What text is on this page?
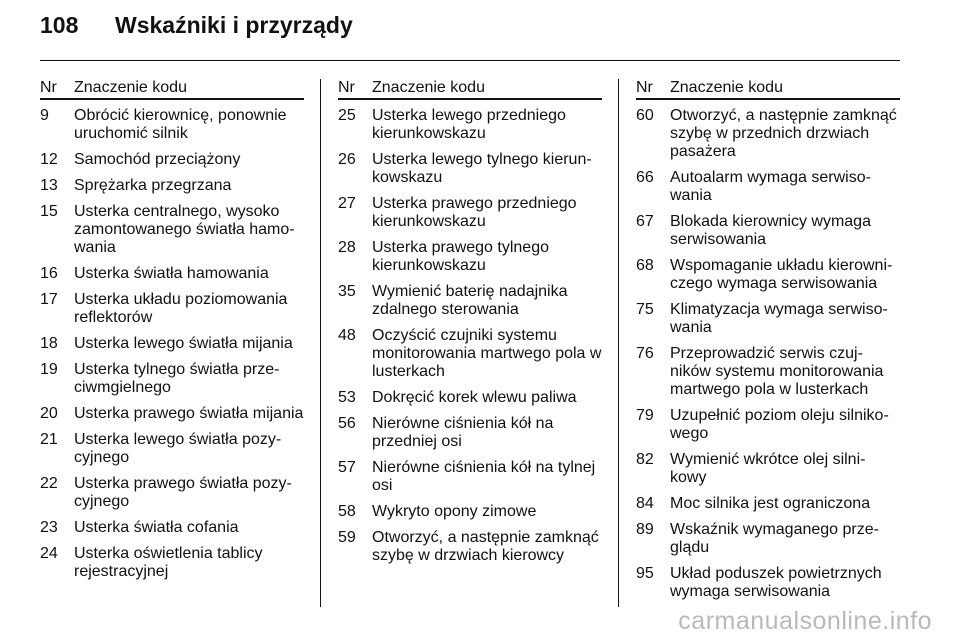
108 Wskaźniki i przyrządy
Nr Znaczenie kodu
9 Obrócić kierownicę, ponownie uruchomić silnik
12 Samochód przeciążony
13 Sprężarka przegrzana
15 Usterka centralnego, wysoko zamontowanego światła hamo-wania
16 Usterka światła hamowania
17 Usterka układu poziomowania reflektorów
18 Usterka lewego światła mijania
19 Usterka tylnego światła prze-ciwmgielnego
20 Usterka prawego światła mijania
21 Usterka lewego światła pozy-cyjnego
22 Usterka prawego światła pozy-cyjnego
23 Usterka światła cofania
24 Usterka oświetlenia tablicy rejestracyjnej
Nr Znaczenie kodu
25 Usterka lewego przedniego kierunkowskazu
26 Usterka lewego tylnego kierun-kowskazu
27 Usterka prawego przedniego kierunkowskazu
28 Usterka prawego tylnego kierunkowskazu
35 Wymienić baterię nadajnika zdalnego sterowania
48 Oczyścić czujniki systemu monitorowania martwego pola w lusterkach
53 Dokręcić korek wlewu paliwa
56 Nierówne ciśnienia kół na przedniej osi
57 Nierówne ciśnienia kół na tylnej osi
58 Wykryto opony zimowe
59 Otworzyć, a następnie zamknąć szybę w drzwiach kierowcy
Nr Znaczenie kodu
60 Otworzyć, a następnie zamknąć szybę w przednich drzwiach pasażera
66 Autoalarm wymaga serwiso-wania
67 Blokada kierownicy wymaga serwisowania
68 Wspomaganie układu kierowni-czego wymaga serwisowania
75 Klimatyzacja wymaga serwiso-wania
76 Przeprowadzić serwis czuj-ników systemu monitorowania martwego pola w lusterkach
79 Uzupełnić poziom oleju silniko-wego
82 Wymienić wkrótce olej silni-kowy
84 Moc silnika jest ograniczona
89 Wskaźnik wymaganego prze-glądu
95 Układ poduszek powietrznych wymaga serwisowania
carmanualsonline.info
